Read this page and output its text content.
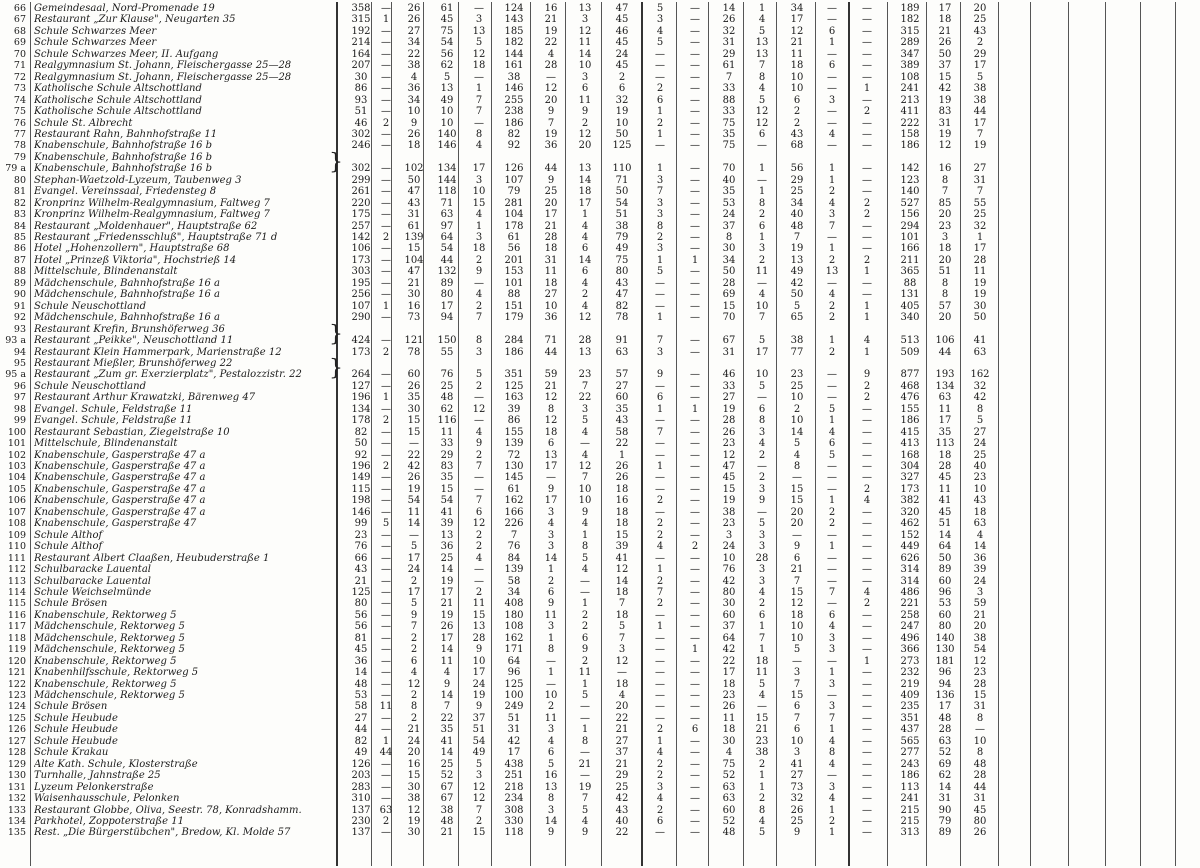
66 Gemeindesaal, Nord-Promenade 19	358	—	26	61	—	124	16	13	47	5	—	14	1	34	—	—	189	17	20
67 Restaurant „Zur Klause", Neugarten 35	315	1	26	45	3	143	21	3	45	3	—	26	4	17	—	—	182	18	25
68 Schule Schwarzes Meer	192	—	27	75	13	185	19	12	46	4	—	32	5	12	6	—	315	21	43
69 Schule Schwarzes Meer	214	—	34	54	5	182	22	11	45	5	—	31	13	21	1	—	289	26	2
70 Schule Schwarzes Meer, II. Aufgang	164	—	22	56	12	144	4	14	24	—	—	29	13	11	—	—	347	50	29
71 Realgymnasium St. Johann, Fleischergasse 25—28	207	—	38	62	18	161	28	10	45	—	—	61	7	18	6	—	389	37	17
72 Realgymnasium St. Johann, Fleischergasse 25—28	30	—	4	5	—	38	—	3	2	—	—	7	8	10	—	—	108	15	5
73 Katholische Schule Altschottland	86	—	36	13	1	146	12	6	6	2	—	33	4	10	—	1	241	42	38
74 Katholische Schule Altschottland	93	—	34	49	7	255	20	11	32	6	—	88	5	6	3	—	213	19	38
75 Katholische Schule Altschottland	51	—	10	10	7	238	9	9	19	1	—	33	12	2	—	2	411	83	44
76 Schule St. Albrecht	46	2	9	10	—	186	7	2	10	2	—	75	12	2	—	—	222	31	17
77 Restaurant Rahn, Bahnhofstraße 11	302	—	26	140	8	82	19	12	50	1	—	35	6	43	4	—	158	19	7
78 Knabenschule, Bahnhofstraße 16 b	246	—	18	146	4	92	36	20	125	—	—	75	—	68	—	—	186	12	19
79 Knabenschule, Bahnhofstraße 16 b
79 a Knabenschule, Bahnhofstraße 16 b	302	—	102	134	17	126	44	13	110	1	—	70	1	56	1	—	142	16	27
80 Stephan-Waetzold-Lyzeum, Taubenweg 3	299	—	50	144	3	107	9	14	71	3	—	40	—	29	1	—	123	8	31
81 Evangel. Vereinssaal, Friedensteg 8	261	—	47	118	10	79	25	18	50	7	—	35	1	25	2	—	140	7	7
82 Kronprinz Wilhelm-Realgymnasium, Faltweg 7	220	—	43	71	15	281	20	17	54	3	—	53	8	34	4	2	527	85	55
83 Kronprinz Wilhelm-Realgymnasium, Faltweg 7	175	—	31	63	4	104	17	1	51	3	—	24	2	40	3	2	156	20	25
84 Restaurant „Moldenhauer", Hauptstraße 62	257	—	61	97	1	178	21	4	38	8	—	37	6	48	7	—	294	23	32
85 Restaurant „Friedensschluß", Hauptstraße 71 d	142	2	139	64	3	61	28	4	79	2	—	8	1	7	—	—	101	3	1
86 Hotel „Hohenzollern", Hauptstraße 68	106	—	15	54	18	56	18	6	49	3	—	30	3	19	1	—	166	18	17
87 Hotel „Prinzeß Viktoria", Hochstrieß 14	173	—	104	44	2	201	31	14	75	1	1	34	2	13	2	2	211	20	28
88 Mittelschule, Blindenanstalt	303	—	47	132	9	153	11	6	80	5	—	50	11	49	13	1	365	51	11
89 Mädchenschule, Bahnhofstraße 16 a	195	—	21	89	—	101	18	4	43	—	—	28	—	42	—	—	88	8	19
90 Mädchenschule, Bahnhofstraße 16 a	256	—	30	80	4	88	27	2	47	—	—	69	4	50	4	—	131	8	19
91 Schule Neuschottland	107	1	16	17	2	151	10	4	82	—	—	15	10	5	2	1	405	57	30
92 Mädchenschule, Bahnhofstraße 16 a	290	—	73	94	7	179	36	12	78	1	—	70	7	65	2	1	340	20	50
93 Restaurant Krefin, Brunshöferweg 36
93 a Restaurant „Peikke", Neuschottland 11	424	—	121	150	8	284	71	28	91	7	—	67	5	38	1	4	513	106	41
94 Restaurant Klein Hammerpark, Marienstraße 12	173	2	78	55	3	186	44	13	63	3	—	31	17	77	2	1	509	44	63
95 Restaurant Mießler, Brunshöferweg 22
95 a Restaurant „Zum gr. Exerzierplatz", Pestalozzistr. 22	264	—	60	76	5	351	59	23	57	9	—	46	10	23	—	9	877	193	162
96 Schule Neuschottland	127	—	26	25	2	125	21	7	27	—	—	33	5	25	—	2	468	134	32
97 Restaurant Arthur Krawatzki, Bärenweg 47	196	1	35	48	—	163	12	22	60	6	—	27	—	10	—	2	476	63	42
98 Evangel. Schule, Feldstraße 11	134	—	30	62	12	39	8	3	35	1	1	19	6	2	5	—	155	11	8
99 Evangel. Schule, Feldstraße 11	178	2	15	116	—	86	12	5	43	—	—	28	8	10	1	—	186	17	5
100 Restaurant Sebastian, Ziegelstraße 10	82	—	15	11	4	155	18	4	58	7	—	26	3	14	4	—	415	35	27
101 Mittelschule, Blindenanstalt	50	—	—	33	9	139	6	—	22	—	—	23	4	5	6	—	413	113	24
102 Knabenschule, Gasperstraße 47 a	92	—	22	29	2	72	13	4	1	—	—	12	2	4	5	—	168	18	25
103 Knabenschule, Gasperstraße 47 a	196	2	42	83	7	130	17	12	26	1	—	47	—	8	—	—	304	28	40
104 Knabenschule, Gasperstraße 47 a	149	—	26	35	—	145	—	7	26	—	—	45	2	—	—	—	327	45	23
105 Knabenschule, Gasperstraße 47 a	115	—	19	15	—	61	9	10	18	—	—	15	3	15	—	2	173	11	10
106 Knabenschule, Gasperstraße 47 a	198	—	54	54	7	162	17	10	16	2	—	19	9	15	1	4	382	41	43
107 Knabenschule, Gasperstraße 47 a	146	—	11	41	6	166	3	9	18	—	—	38	—	20	2	—	320	45	18
108 Knabenschule, Gasperstraße 47	99	5	14	39	12	226	4	4	18	2	—	23	5	20	2	—	462	51	63
109 Schule Althof	23	—	—	13	2	7	3	1	15	2	—	3	3	—	—	—	152	14	4
110 Schule Althof	76	—	5	36	2	76	3	8	39	4	2	24	3	9	1	—	449	64	14
111 Restaurant Albert Claaßen, Heubuderstraße 1	66	—	17	25	4	84	14	5	41	—	—	10	28	6	—	—	626	50	36
112 Schulbaracke Lauental	43	—	24	14	—	139	1	4	12	1	—	76	3	21	—	—	314	89	39
113 Schulbaracke Lauental	21	—	2	19	—	58	2	—	14	2	—	42	3	7	—	—	314	60	24
114 Schule Weichselmünde	125	—	17	17	2	34	6	—	18	7	—	80	4	15	7	4	486	96	3
115 Schule Brösen	80	—	5	21	11	408	9	1	7	2	—	30	2	12	—	2	221	53	59
116 Knabenschule, Rektorweg 5	56	—	9	19	15	180	11	2	18	—	—	60	6	18	6	—	258	60	21
117 Mädchenschule, Rektorweg 5	56	—	7	26	13	108	3	2	5	1	—	37	1	10	4	—	247	80	20
118 Mädchenschule, Rektorweg 5	81	—	2	17	28	162	1	6	7	—	—	64	7	10	3	—	496	140	38
119 Mädchenschule, Rektorweg 5	45	—	2	14	9	171	8	9	3	—	1	42	1	5	3	—	366	130	54
120 Knabenschule, Rektorweg 5	36	—	6	11	10	64	—	2	12	—	—	22	18	—	—	1	273	181	12
121 Knabenhilfsschule, Rektorweg 5	14	—	4	4	17	96	1	11	—	—	—	17	11	3	1	—	232	96	23
122 Knabenschule, Rektorweg 5	48	—	12	9	24	125	—	1	18	—	—	18	5	7	3	—	219	94	28
123 Mädchenschule, Rektorweg 5	53	—	2	14	19	100	10	5	4	—	—	23	4	15	—	—	409	136	15
124 Schule Brösen	58	11	8	7	9	249	2	—	20	—	—	26	—	6	3	—	235	17	31
125 Schule Heubude	27	—	2	22	37	51	11	—	22	—	—	11	15	7	7	—	351	48	8
126 Schule Heubude	44	—	21	35	51	31	3	1	21	2	6	18	21	6	1	—	437	28	—
127 Schule Heubude	82	1	24	41	54	42	4	8	27	1	—	30	23	10	4	—	565	63	10
128 Schule Krakau	49	44	20	14	49	17	6	—	37	4	—	4	38	3	8	—	277	52	8
129 Alte Kath. Schule, Klosterstraße	126	—	16	25	5	438	5	21	21	2	—	75	2	41	4	—	243	69	48
130 Turnhalle, Jahnstraße 25	203	—	15	52	3	251	16	—	29	2	—	52	1	27	—	—	186	62	28
131 Lyzeum Pelonkerstraße	283	—	30	67	12	218	13	19	25	3	—	63	1	73	3	—	113	14	44
132 Waisenhausschule, Pelonken	310	—	38	67	12	234	8	7	42	4	—	63	2	32	4	—	241	31	31
133 Restaurant Globbe, Oliva, Seestr. 78, Konradshamm.	137 63	12	38	7	308	3	5	43	2	—	60	8	26	1	—	215	90	45
134 Parkhotel, Zoppoterstraße 11	230	2	19	48	2	330	14	4	40	6	—	52	4	25	2	—	215	79	80
135 Rest. „Die Bürgerstübchen", Bredow, Kl. Molde 57	137	—	30	21	15	118	9	9	22	—	—	48	5	9	1	—	313	89	26
}
}
}
